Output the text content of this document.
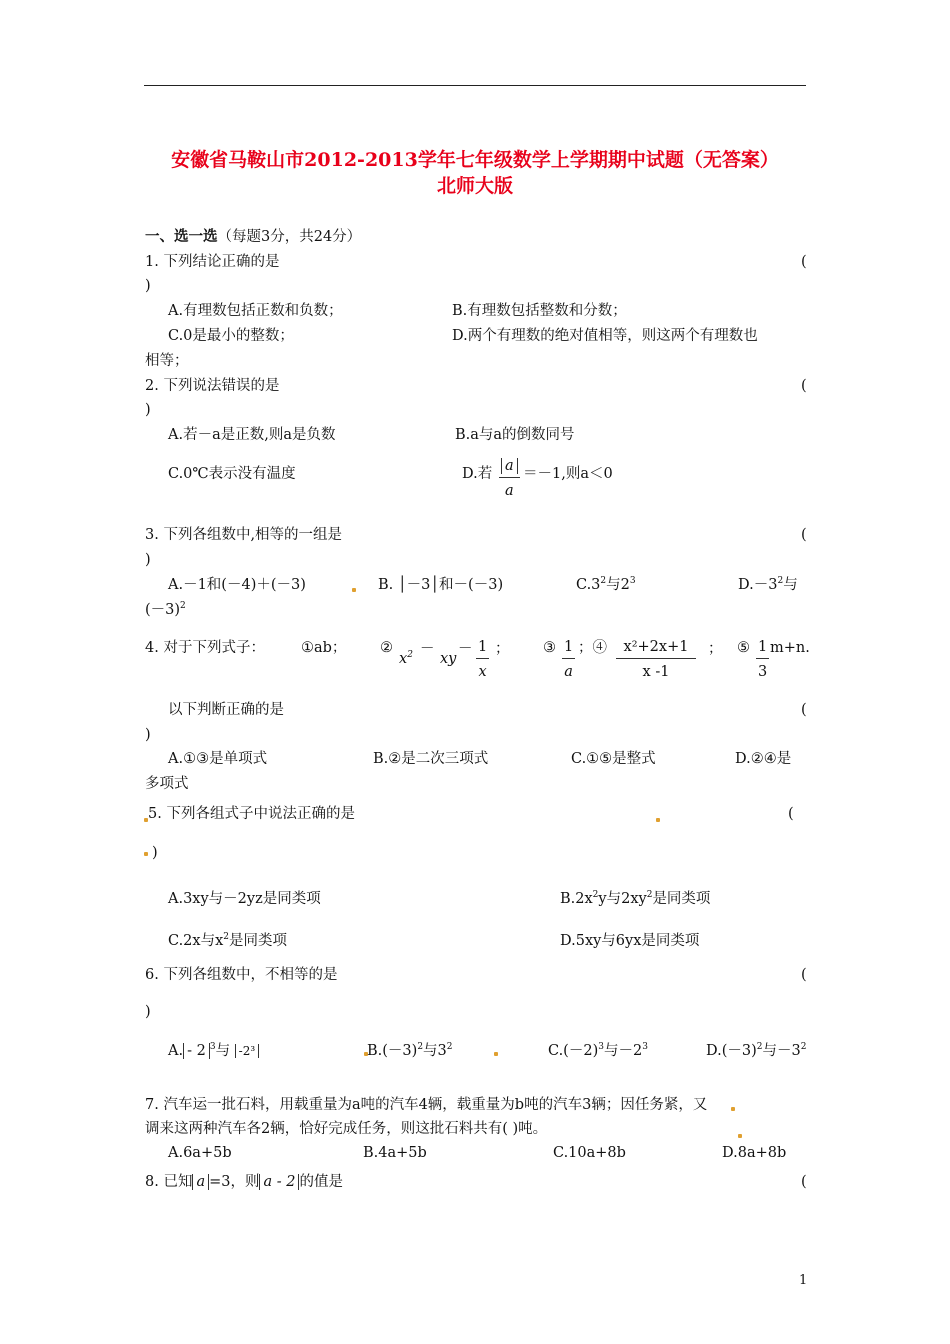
安徽省马鞍山市2012-2013学年七年级数学上学期期中试题（无答案）
北师大版
一、选一选（每题3分，共24分）
1. 下列结论正确的是	(
)
A.有理数包括正数和负数；	B.有理数包括整数和分数；
C.0是最小的整数；	D.两个有理数的绝对值相等，则这两个有理数也
相等；
2. 下列说法错误的是	(
)
A.若－a是正数,则a是负数	B.a与a的倒数同号
C.0℃表示没有温度	D.若 $\frac{a}{a} =-1$,则a＜0
3. 下列各组数中,相等的一组是	(
)
A.－1和(－4)＋(－3)	B. │－3│和－(－3)	$C.3^2$与$2^3$	$D.-3^2$与
$(-3)^2$
4. 对于下列式子： ①ab； ②
$x^2$ －
xy
－ $\frac{1}{x}$ ； ③ $\frac{1}{a}$ ；④ $\frac{\text{x²+2x+1}}{x -1}$ ； ⑤ $\frac{1}{3} m+n$.
以下判断正确的是	(
)
A.①③是单项式	B.②是二次三项式	C.①⑤是整式	D.②④是
多项式
5. 下列各组式子中说法正确的是	(
)
A.3xy与－2yz是同类项	$B.2x^2y$与$2xy^2$是同类项
C.2x与$x^2$是同类项	D.5xy与6yx是同类项
6. 下列各组数中，不相等的是	(
)
A. - 2 $^3$与 -2³	$B.(-3)^2$与$3^2$	$C.(-2)^3$与$-2^3$	$D.(-3)^2$与$-3^2$
7. 汽车运一批石料，用载重量为a吨的汽车4辆，载重量为b吨的汽车3辆；因任务紧，又
调来这两种汽车各2辆，恰好完成任务，则这批石料共有( )吨。
A.6a+5b	B.4a+5b	C.10a+8b	D.8a+8b
8. 已知 a =3，则 a - 2 的值是	(
1
